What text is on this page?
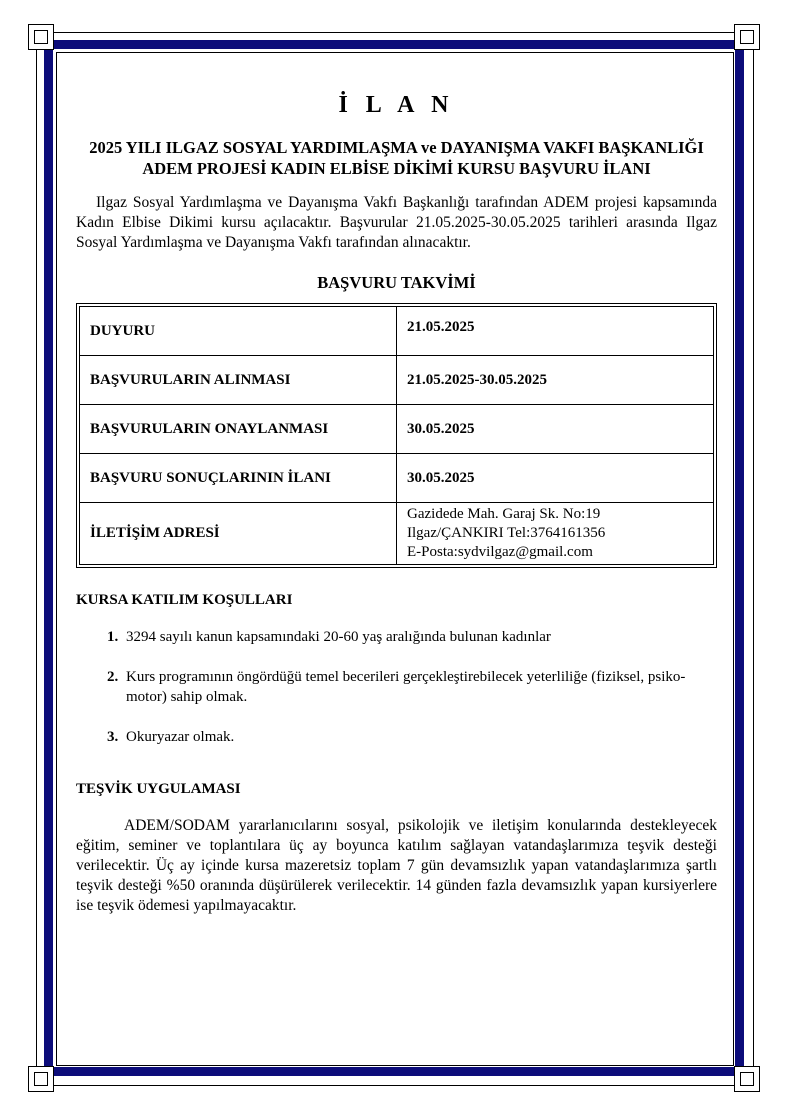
İ L A N
2025 YILI ILGAZ SOSYAL YARDIMLAŞMA ve DAYANIŞMA VAKFI BAŞKANLIĞI ADEM PROJESİ KADIN ELBİSE DİKİMİ KURSU BAŞVURU İLANI

Ilgaz Sosyal Yardımlaşma ve Dayanışma Vakfı Başkanlığı tarafından ADEM projesi kapsamında Kadın Elbise Dikimi kursu açılacaktır. Başvurular 21.05.2025-30.05.2025 tarihleri arasında Ilgaz Sosyal Yardımlaşma ve Dayanışma Vakfı tarafından alınacaktır.

BAŞVURU TAKVİMİ
DUYURU	21.05.2025
BAŞVURULARIN ALINMASI	21.05.2025-30.05.2025
BAŞVURULARIN ONAYLANMASI	30.05.2025
BAŞVURU SONUÇLARININ İLANI	30.05.2025
İLETİŞİM ADRESİ	Gazidede Mah. Garaj Sk. No:19
Ilgaz/ÇANKIRI Tel:3764161356
E-Posta:sydvilgaz@gmail.com
KURSA KATILIM KOŞULLARI
1. 3294 sayılı kanun kapsamındaki 20-60 yaş aralığında bulunan kadınlar
2. Kurs programının öngördüğü temel becerileri gerçekleştirebilecek yeterliliğe (fiziksel, psiko-motor) sahip olmak.
3. Okuryazar olmak.
TEŞVİK UYGULAMASI

ADEM/SODAM yararlanıcılarını sosyal, psikolojik ve iletişim konularında destekleyecek eğitim, seminer ve toplantılara üç ay boyunca katılım sağlayan vatandaşlarımıza teşvik desteği verilecektir. Üç ay içinde kursa mazeretsiz toplam 7 gün devamsızlık yapan vatandaşlarımıza şartlı teşvik desteği %50 oranında düşürülerek verilecektir. 14 günden fazla devamsızlık yapan kursiyerlere ise teşvik ödemesi yapılmayacaktır.
